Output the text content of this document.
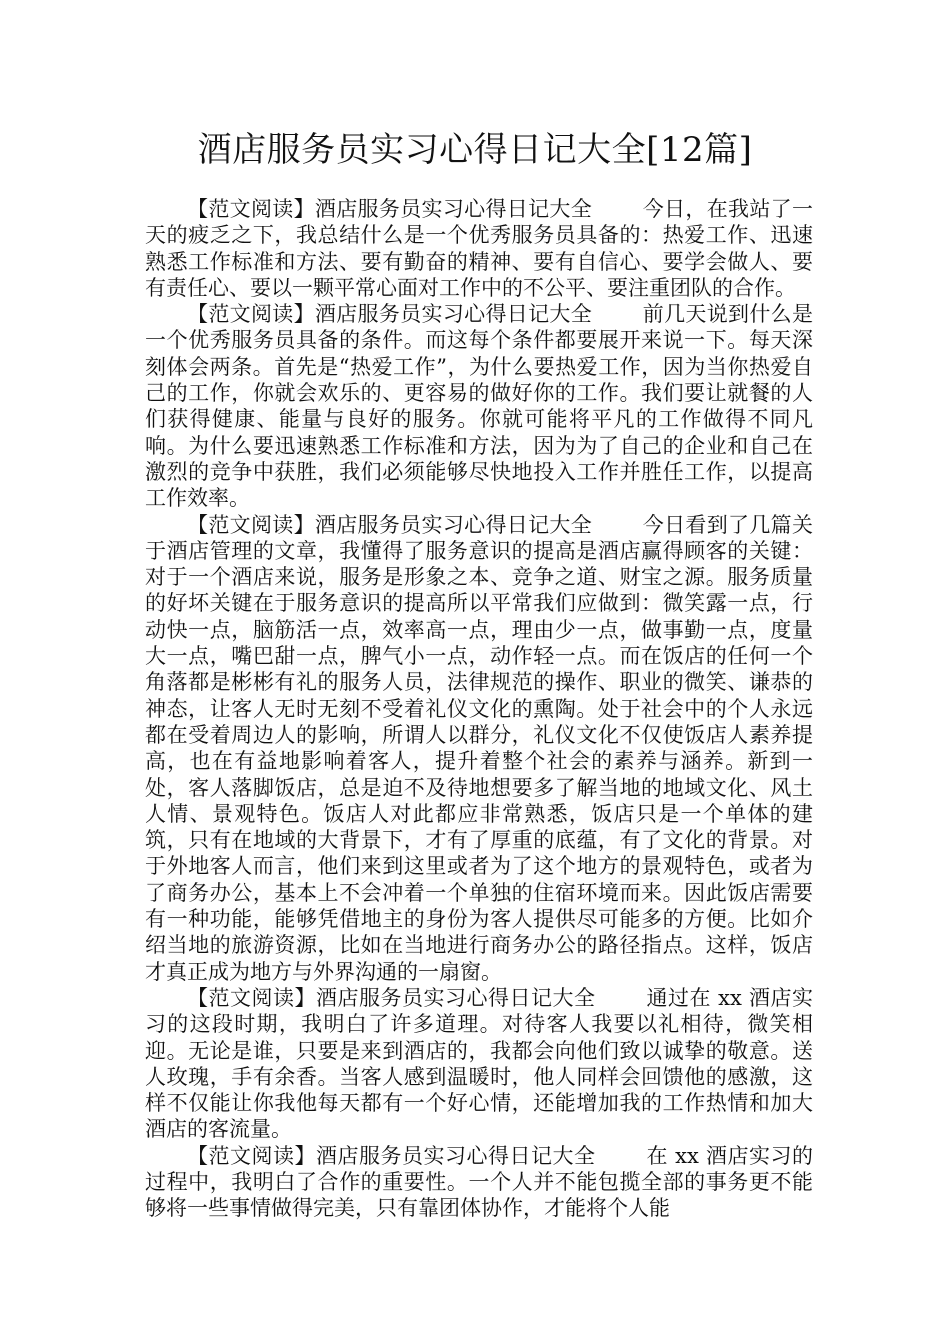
酒店服务员实习心得日记大全[12篇]

【范文阅读】酒店服务员实习心得日记大全 今日，在我站了一天的疲乏之下，我总结什么是一个优秀服务员具备的：热爱工作、迅速熟悉工作标准和方法、要有勤奋的精神、要有自信心、要学会做人、要有责任心、要以一颗平常心面对工作中的不公平、要注重团队的合作。

【范文阅读】酒店服务员实习心得日记大全 前几天说到什么是一个优秀服务员具备的条件。而这每个条件都要展开来说一下。每天深刻体会两条。首先是“热爱工作”，为什么要热爱工作，因为当你热爱自己的工作，你就会欢乐的、更容易的做好你的工作。我们要让就餐的人们获得健康、能量与良好的服务。你就可能将平凡的工作做得不同凡响。为什么要迅速熟悉工作标准和方法，因为为了自己的企业和自己在激烈的竞争中获胜，我们必须能够尽快地投入工作并胜任工作，以提高工作效率。

【范文阅读】酒店服务员实习心得日记大全 今日看到了几篇关于酒店管理的文章，我懂得了服务意识的提高是酒店赢得顾客的关键：对于一个酒店来说，服务是形象之本、竞争之道、财宝之源。服务质量的好坏关键在于服务意识的提高所以平常我们应做到：微笑露一点，行动快一点，脑筋活一点，效率高一点，理由少一点，做事勤一点，度量大一点，嘴巴甜一点，脾气小一点，动作轻一点。而在饭店的任何一个角落都是彬彬有礼的服务人员，法律规范的操作、职业的微笑、谦恭的神态，让客人无时无刻不受着礼仪文化的熏陶。处于社会中的个人永远都在受着周边人的影响，所谓人以群分，礼仪文化不仅使饭店人素养提高，也在有益地影响着客人，提升着整个社会的素养与涵养。新到一处，客人落脚饭店，总是迫不及待地想要多了解当地的地域文化、风土人情、景观特色。饭店人对此都应非常熟悉，饭店只是一个单体的建筑，只有在地域的大背景下，才有了厚重的底蕴，有了文化的背景。对于外地客人而言，他们来到这里或者为了这个地方的景观特色，或者为了商务办公，基本上不会冲着一个单独的住宿环境而来。因此饭店需要有一种功能，能够凭借地主的身份为客人提供尽可能多的方便。比如介绍当地的旅游资源，比如在当地进行商务办公的路径指点。这样，饭店才真正成为地方与外界沟通的一扇窗。

【范文阅读】酒店服务员实习心得日记大全 通过在 xx 酒店实习的这段时期，我明白了许多道理。对待客人我要以礼相待，微笑相迎。无论是谁，只要是来到酒店的，我都会向他们致以诚挚的敬意。送人玫瑰，手有余香。当客人感到温暖时，他人同样会回馈他的感激，这样不仅能让你我他每天都有一个好心情，还能增加我的工作热情和加大酒店的客流量。

【范文阅读】酒店服务员实习心得日记大全 在 xx 酒店实习的过程中，我明白了合作的重要性。一个人并不能包揽全部的事务更不能够将一些事情做得完美，只有靠团体协作，才能将个人能
